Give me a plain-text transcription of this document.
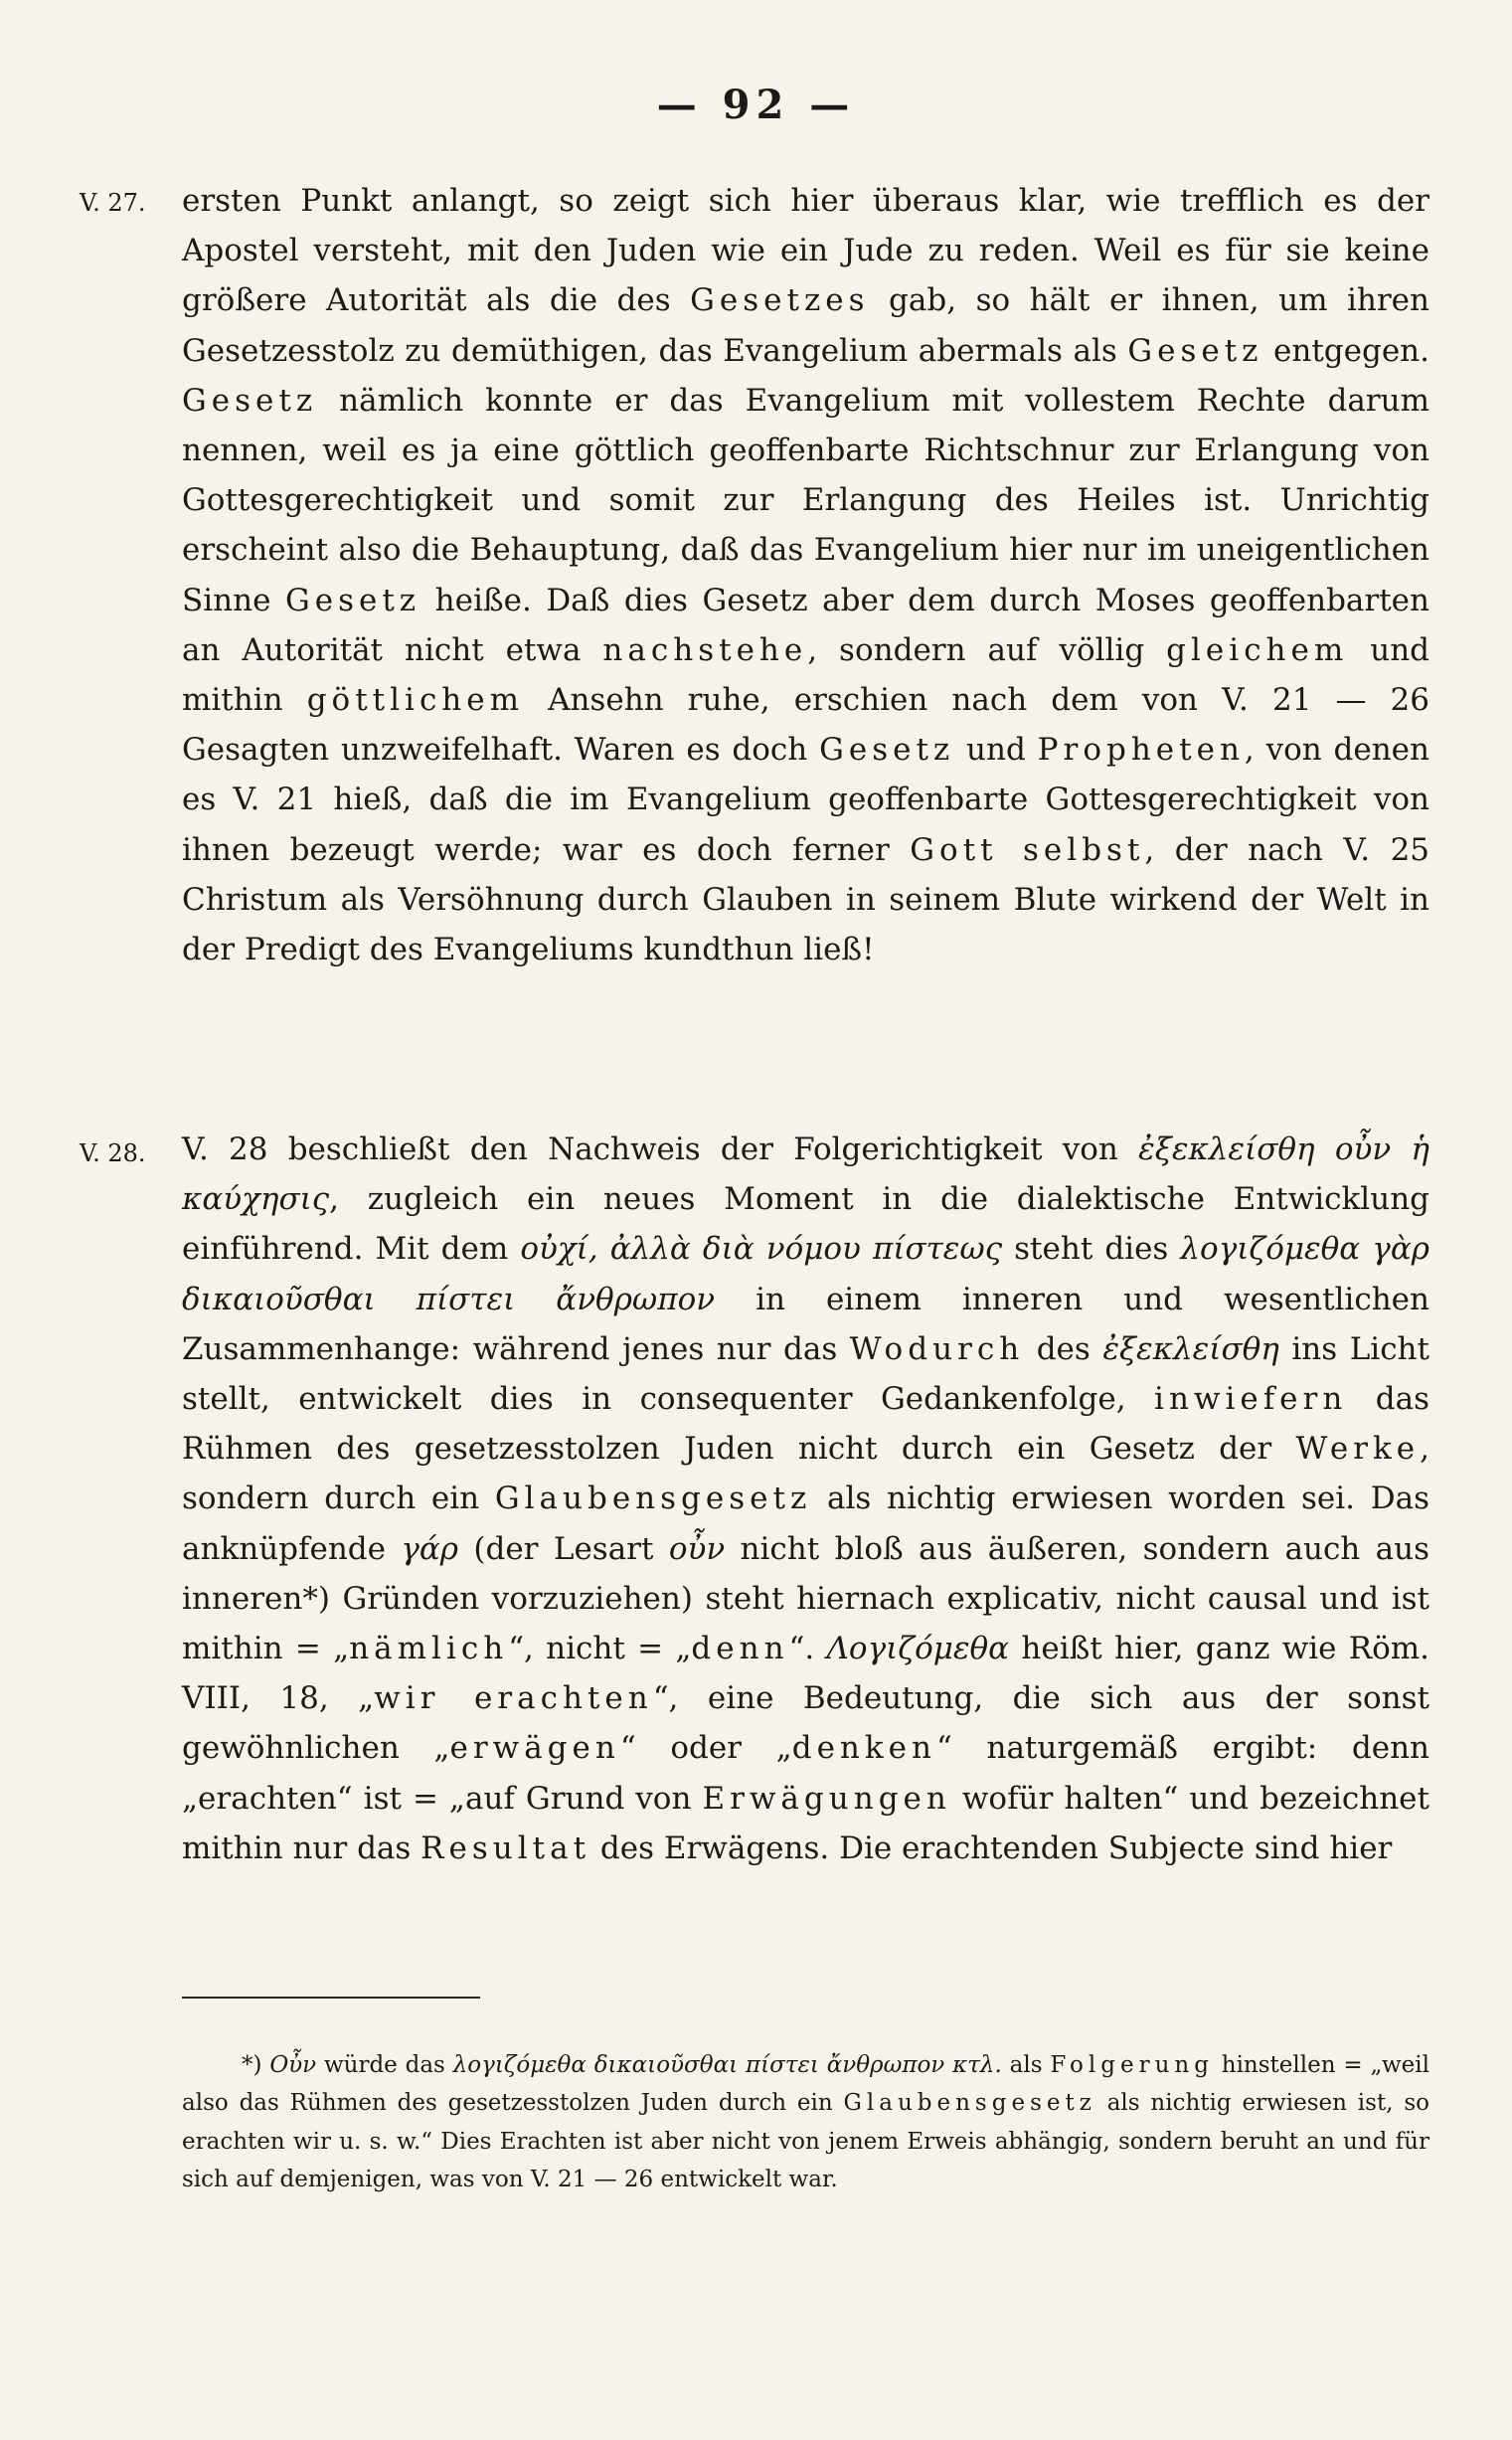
— 92 —
V. 27.	ersten Punkt anlangt, so zeigt sich hier überaus klar, wie trefflich es der Apostel versteht, mit den Juden wie ein Jude zu reden. Weil es für sie keine größere Autorität als die des Gesetzes gab, so hält er ihnen, um ihren Gesetzesstolz zu demüthigen, das Evangelium abermals als Gesetz entgegen. Gesetz nämlich konnte er das Evangelium mit vollestem Rechte darum nennen, weil es ja eine göttlich geoffenbarte Richtschnur zur Erlangung von Gottesgerechtigkeit und somit zur Erlangung des Heiles ist. Unrichtig erscheint also die Behauptung, daß das Evangelium hier nur im uneigentlichen Sinne Gesetz heiße. Daß dies Gesetz aber dem durch Moses geoffenbarten an Autorität nicht etwa nachstehe, sondern auf völlig gleichem und mithin göttlichem Ansehn ruhe, erschien nach dem von V. 21 — 26 Gesagten unzweifelhaft. Waren es doch Gesetz und Propheten, von denen es V. 21 hieß, daß die im Evangelium geoffenbarte Gottesgerechtigkeit von ihnen bezeugt werde; war es doch ferner Gott selbst, der nach V. 25 Christum als Versöhnung durch Glauben in seinem Blute wirkend der Welt in der Predigt des Evangeliums kundthun ließ!

V. 28.	V. 28 beschließt den Nachweis der Folgerichtigkeit von ἐξεκλείσθη οὖν ἡ καύχησις, zugleich ein neues Moment in die dialektische Entwicklung einführend. Mit dem οὐχί, ἀλλὰ διὰ νόμου πίστεως steht dies λογιζόμεθα γὰρ δικαιοῦσθαι πίστει ἄνθρωπον in einem inneren und wesentlichen Zusammenhange: während jenes nur das Wodurch des ἐξεκλείσθη ins Licht stellt, entwickelt dies in consequenter Gedankenfolge, inwiefern das Rühmen des gesetzesstolzen Juden nicht durch ein Gesetz der Werke, sondern durch ein Glaubensgesetz als nichtig erwiesen worden sei. Das anknüpfende γάρ (der Lesart οὖν nicht bloß aus äußeren, sondern auch aus inneren*) Gründen vorzuziehen) steht hiernach explicativ, nicht causal und ist mithin = „nämlich“, nicht = „denn“. Λογιζόμεθα heißt hier, ganz wie Röm. VIII, 18, „wir erachten“, eine Bedeutung, die sich aus der sonst gewöhnlichen „erwägen“ oder „denken“ naturgemäß ergibt: denn „erachten“ ist = „auf Grund von Erwägungen wofür halten“ und bezeichnet mithin nur das Resultat des Erwägens. Die erachtenden Subjecte sind hier

*) Οὖν würde das λογιζόμεθα δικαιοῦσθαι πίστει ἄνθρωπον κτλ. als Folgerung hinstellen = „weil also das Rühmen des gesetzesstolzen Juden durch ein Glaubensgesetz als nichtig erwiesen ist, so erachten wir u. s. w.“ Dies Erachten ist aber nicht von jenem Erweis abhängig, sondern beruht an und für sich auf demjenigen, was von V. 21 — 26 entwickelt war.
